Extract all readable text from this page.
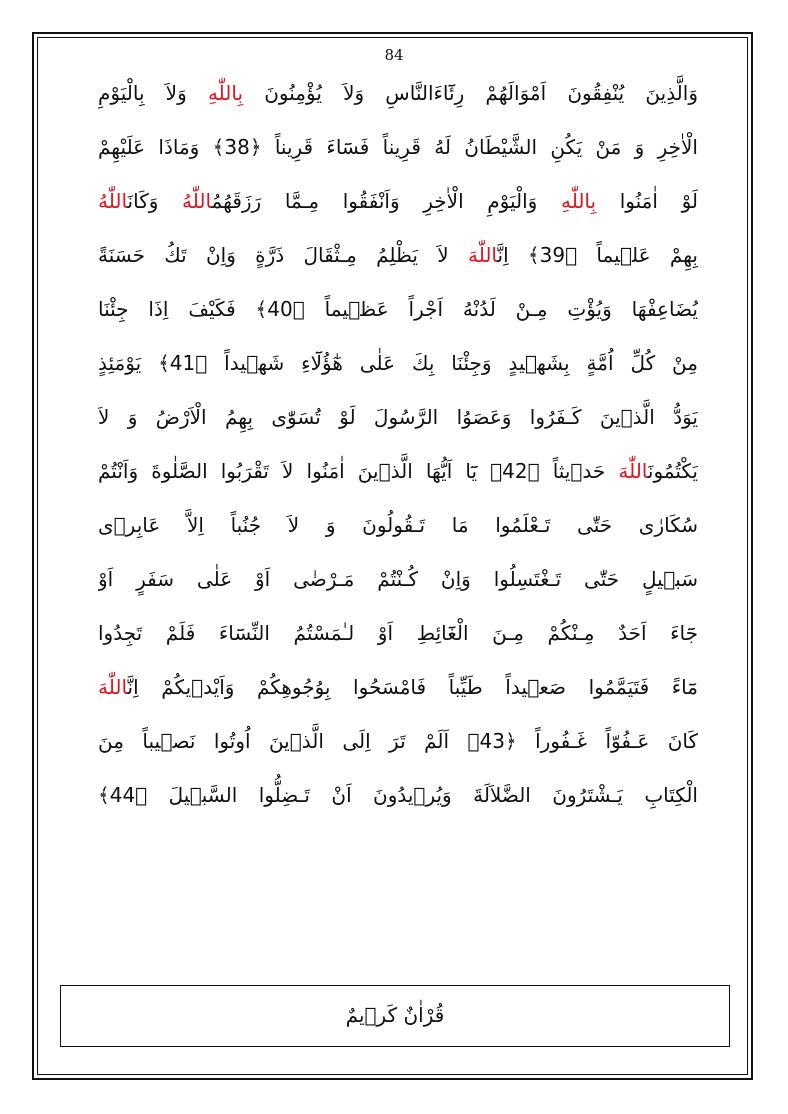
84
وَالَّذِينَ يُنْفِقُونَ اَمْوَالَهُمْ رِئَٓاءَالنَّاسِ وَلاَ يُؤْمِنُونَ بِاللّٰهِ وَلاَ بِالْيَوْمِ
الْاٰخِرِ وَ مَنْ يَكُنِ الشَّيْطَانُ لَهُ قَرِيناً فَسَٓاءَ قَرِيناً ﴿38﴾ وَمَاذَا عَلَيْهِمْ
لَوْ اٰمَنُوا بِاللّٰهِ وَالْيَوْمِ الْاٰخِرِ وَاَنْفَقُوا مِـمَّا رَزَقَهُمُاللّٰهُ وَكَانَاللّٰهُ
بِهِمْ عَلٖيماً ﴿39﴾ اِنَّاللّٰهَ لاَ يَظْلِمُ مِـثْقَالَ ذَرَّةٍ وَاِنْ تَكُ حَسَنَةً
يُضَاعِفْهَا وَيُؤْتِ مِـنْ لَدُنْهُ اَجْراً عَظٖيماً ﴿40﴾ فَكَيْفَ اِذَا جِئْنَا
مِنْ كُلِّ اُمَّةٍ بِشَهٖيدٍ وَجِئْنَا بِكَ عَلٰى هٰٓؤُلَٓاءِ شَهٖيداً ﴿41﴾ يَوْمَئِذٍ
يَوَدُّ الَّذٖينَ كَـفَرُوا وَعَصَوُا الرَّسُولَ لَوْ تُسَوّٰى بِهِمُ الْاَرْضُ وَ لاَ
يَكْتُمُونَاللّٰهَ حَدٖيثاً ﴿42﴾ يَٓا اَيُّهَا الَّذٖينَ اٰمَنُوا لاَ تَقْرَبُوا الصَّلٰوةَ وَاَنْتُمْ
سُكَارٰى حَتّٰى تَـعْلَمُوا مَا تَـقُولُونَ وَ لاَ جُنُباً اِلاَّ عَابِرٖى
سَبٖيلٍ حَتّٰى تَـغْتَسِلُوا وَاِنْ كُـنْتُمْ مَـرْضٰى اَوْ عَلٰى سَفَرٍ اَوْ
جَٓاءَ اَحَدٌ مِـنْكُمْ مِـنَ الْغَٓائِطِ اَوْ لـٰمَسْتُمُ النِّسَٓاءَ فَلَمْ تَجِدُوا
مَٓاءً فَتَيَمَّمُوا صَعٖيداً طَيِّباً فَامْسَحُوا بِوُجُوهِكُمْ وَاَيْدٖيكُمْ اِنَّاللّٰهَ
كَانَ عَـفُوّاً غَـفُوراً ﴿43﴾ اَلَمْ تَرَ اِلَى الَّذٖينَ اُوتُوا نَصٖيباً مِنَ
الْكِتَابِ يَـشْتَرُونَ الضَّلاَلَةَ وَيُرٖيدُونَ اَنْ تَـضِلُّوا السَّبٖيلَ ﴿44﴾
قُرْاٰنٌ كَرٖيمٌ
